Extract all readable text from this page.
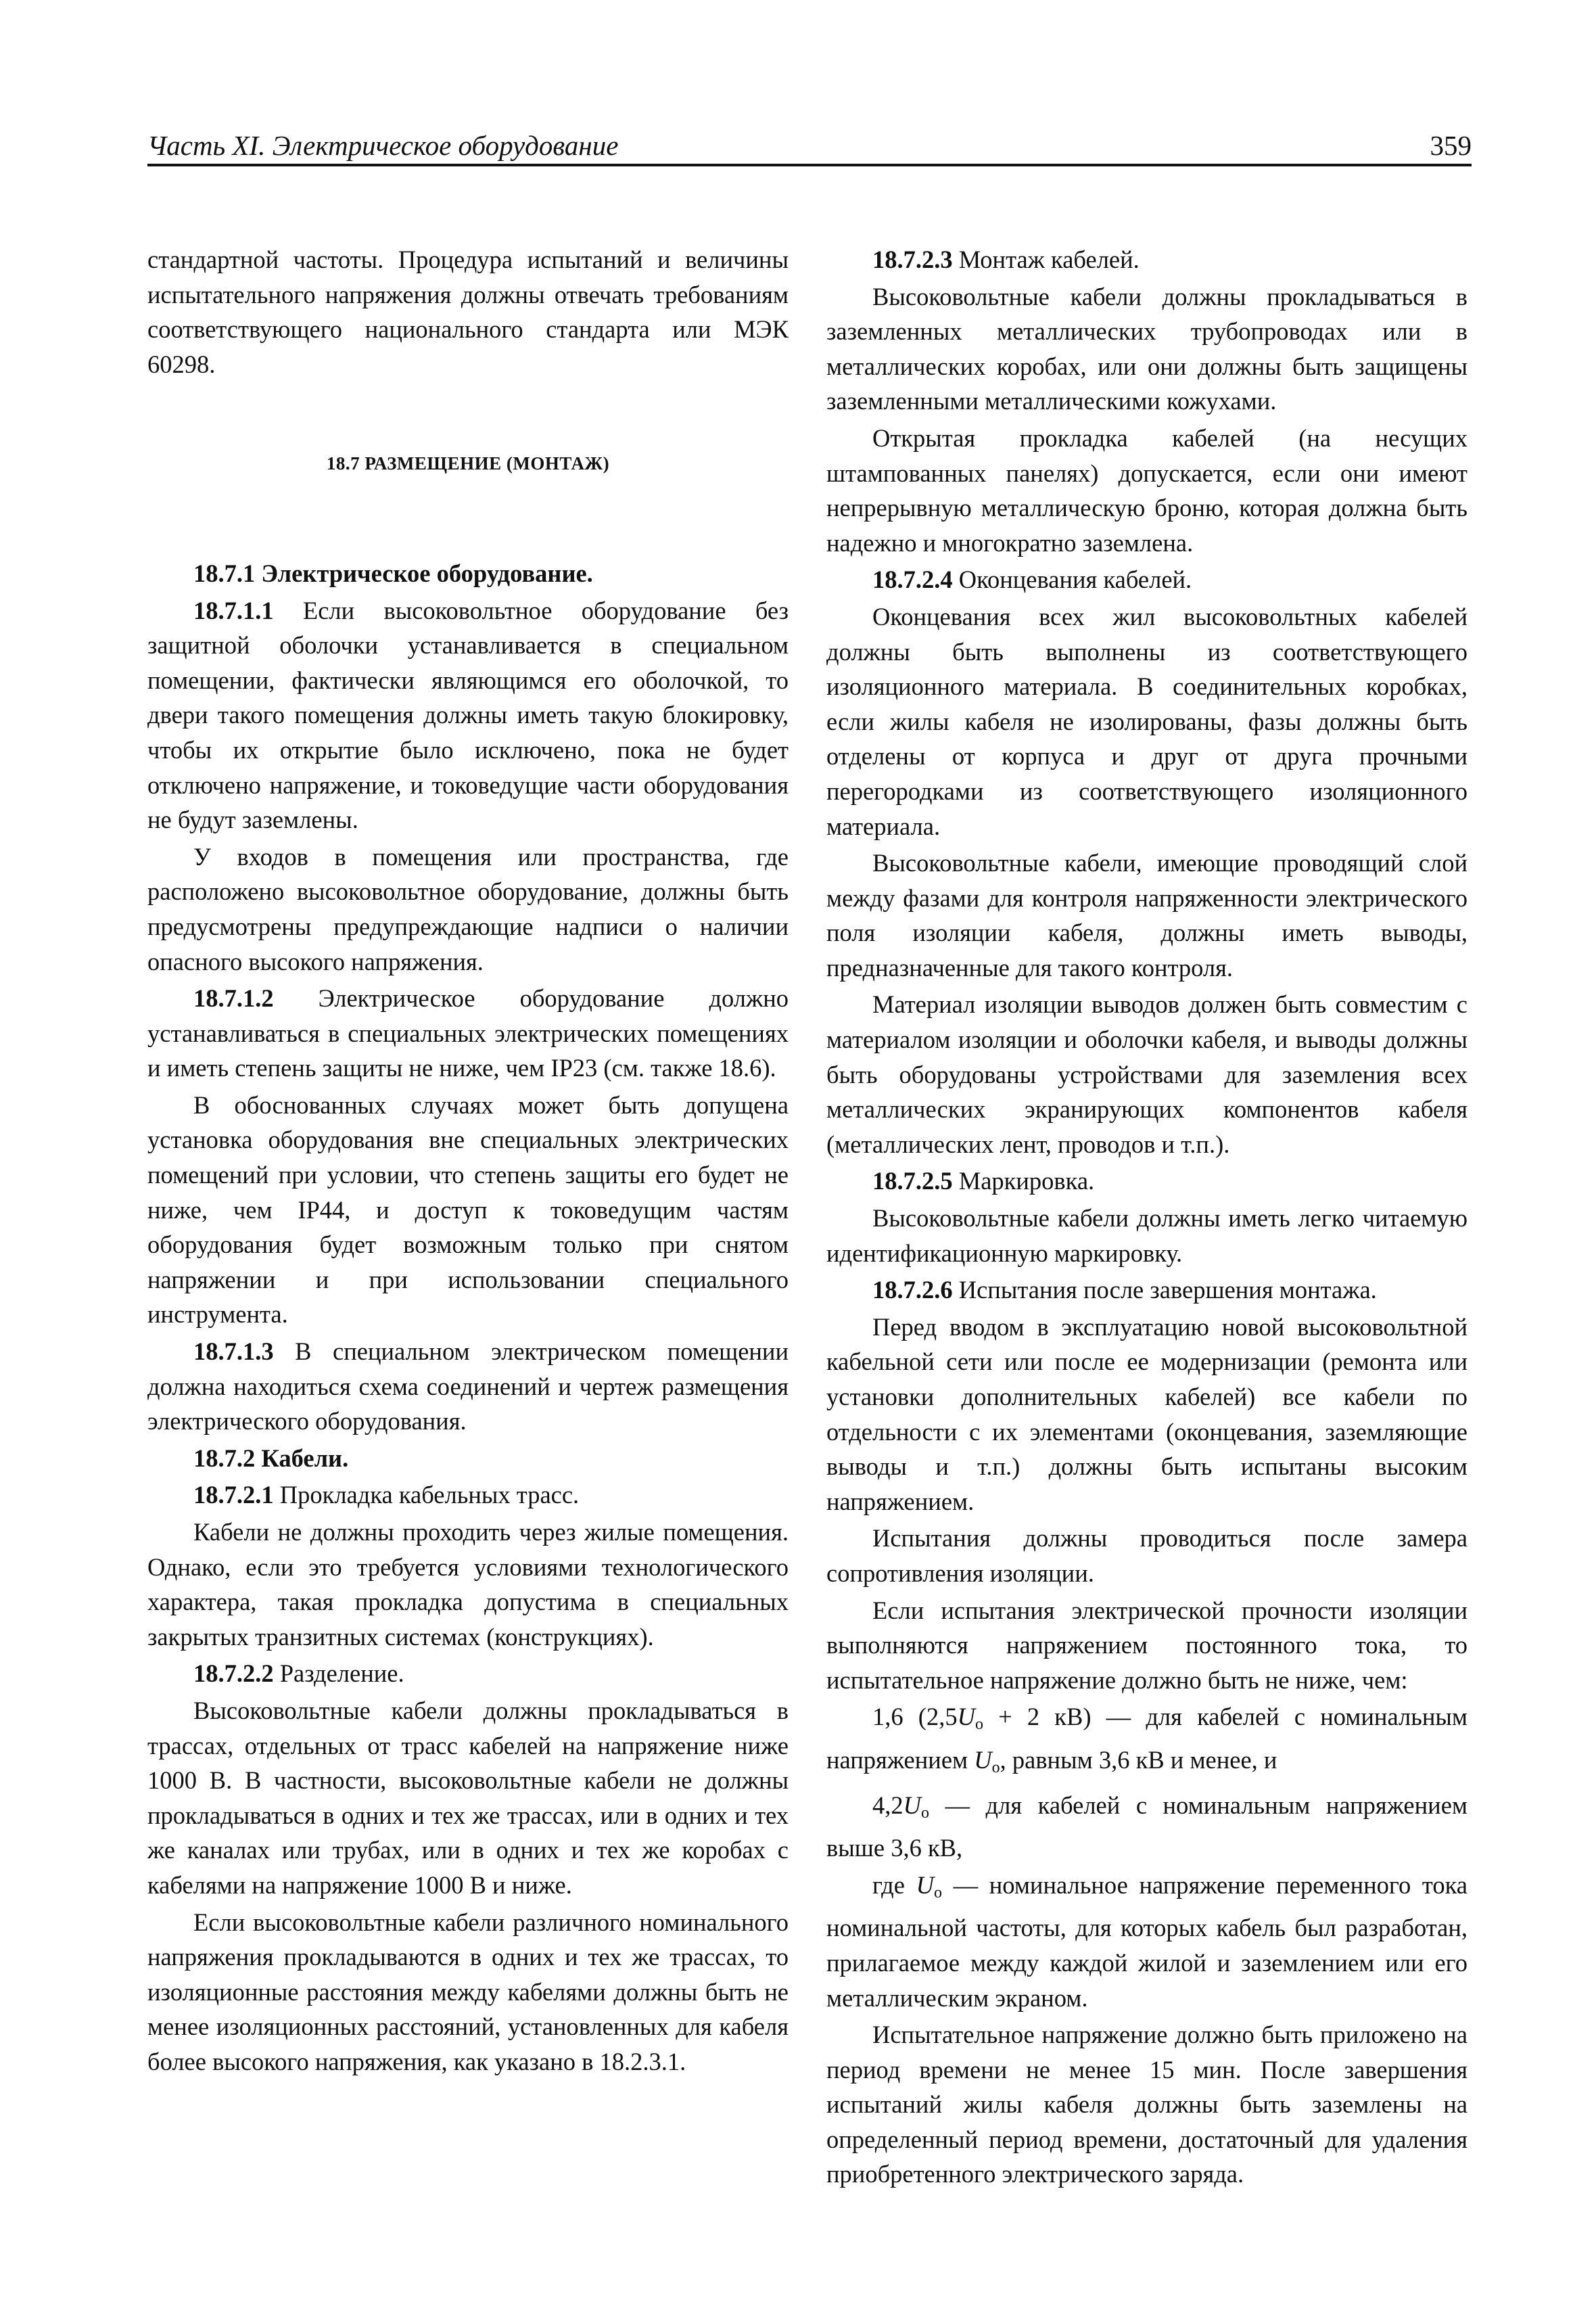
Часть XI. Электрическое оборудование	359

стандартной частоты. Процедура испытаний и величины испытательного напряжения должны отвечать требованиям соответствующего национального стандарта или МЭК 60298.

18.7 РАЗМЕЩЕНИЕ (МОНТАЖ)

18.7.1 Электрическое оборудование.

18.7.1.1 Если высоковольтное оборудование без защитной оболочки устанавливается в специальном помещении, фактически являющимся его оболочкой, то двери такого помещения должны иметь такую блокировку, чтобы их открытие было исключено, пока не будет отключено напряжение, и токоведущие части оборудования не будут заземлены.

У входов в помещения или пространства, где расположено высоковольтное оборудование, должны быть предусмотрены предупреждающие надписи о наличии опасного высокого напряжения.

18.7.1.2 Электрическое оборудование должно устанавливаться в специальных электрических помещениях и иметь степень защиты не ниже, чем IP23 (см. также 18.6).

В обоснованных случаях может быть допущена установка оборудования вне специальных электрических помещений при условии, что степень защиты его будет не ниже, чем IP44, и доступ к токоведущим частям оборудования будет возможным только при снятом напряжении и при использовании специального инструмента.

18.7.1.3 В специальном электрическом помещении должна находиться схема соединений и чертеж размещения электрического оборудования.

18.7.2 Кабели.

18.7.2.1 Прокладка кабельных трасс.

Кабели не должны проходить через жилые помещения. Однако, если это требуется условиями технологического характера, такая прокладка допустима в специальных закрытых транзитных системах (конструкциях).

18.7.2.2 Разделение.

Высоковольтные кабели должны прокладываться в трассах, отдельных от трасс кабелей на напряжение ниже 1000 В. В частности, высоковольтные кабели не должны прокладываться в одних и тех же трассах, или в одних и тех же каналах или трубах, или в одних и тех же коробах с кабелями на напряжение 1000 В и ниже.

Если высоковольтные кабели различного номинального напряжения прокладываются в одних и тех же трассах, то изоляционные расстояния между кабелями должны быть не менее изоляционных расстояний, установленных для кабеля более высокого напряжения, как указано в 18.2.3.1.

18.7.2.3 Монтаж кабелей.

Высоковольтные кабели должны прокладываться в заземленных металлических трубопроводах или в металлических коробах, или они должны быть защищены заземленными металлическими кожухами.

Открытая прокладка кабелей (на несущих штампованных панелях) допускается, если они имеют непрерывную металлическую броню, которая должна быть надежно и многократно заземлена.

18.7.2.4 Оконцевания кабелей.

Оконцевания всех жил высоковольтных кабелей должны быть выполнены из соответствующего изоляционного материала. В соединительных коробках, если жилы кабеля не изолированы, фазы должны быть отделены от корпуса и друг от друга прочными перегородками из соответствующего изоляционного материала.

Высоковольтные кабели, имеющие проводящий слой между фазами для контроля напряженности электрического поля изоляции кабеля, должны иметь выводы, предназначенные для такого контроля.

Материал изоляции выводов должен быть совместим с материалом изоляции и оболочки кабеля, и выводы должны быть оборудованы устройствами для заземления всех металлических экранирующих компонентов кабеля (металлических лент, проводов и т.п.).

18.7.2.5 Маркировка.

Высоковольтные кабели должны иметь легко читаемую идентификационную маркировку.

18.7.2.6 Испытания после завершения монтажа.

Перед вводом в эксплуатацию новой высоковольтной кабельной сети или после ее модернизации (ремонта или установки дополнительных кабелей) все кабели по отдельности с их элементами (оконцевания, заземляющие выводы и т.п.) должны быть испытаны высоким напряжением.

Испытания должны проводиться после замера сопротивления изоляции.

Если испытания электрической прочности изоляции выполняются напряжением постоянного тока, то испытательное напряжение должно быть не ниже, чем:

1,6 ($2,5U_о + 2$ кВ) — для кабелей с номинальным напряжением $U_о$, равным 3,6 кВ и менее, и

$4,2U_о$ — для кабелей с номинальным напряжением выше 3,6 кВ,

где $U_о$ — номинальное напряжение переменного тока номинальной частоты, для которых кабель был разработан, прилагаемое между каждой жилой и заземлением или его металлическим экраном.

Испытательное напряжение должно быть приложено на период времени не менее 15 мин. После завершения испытаний жилы кабеля должны быть заземлены на определенный период времени, достаточный для удаления приобретенного электрического заряда.
